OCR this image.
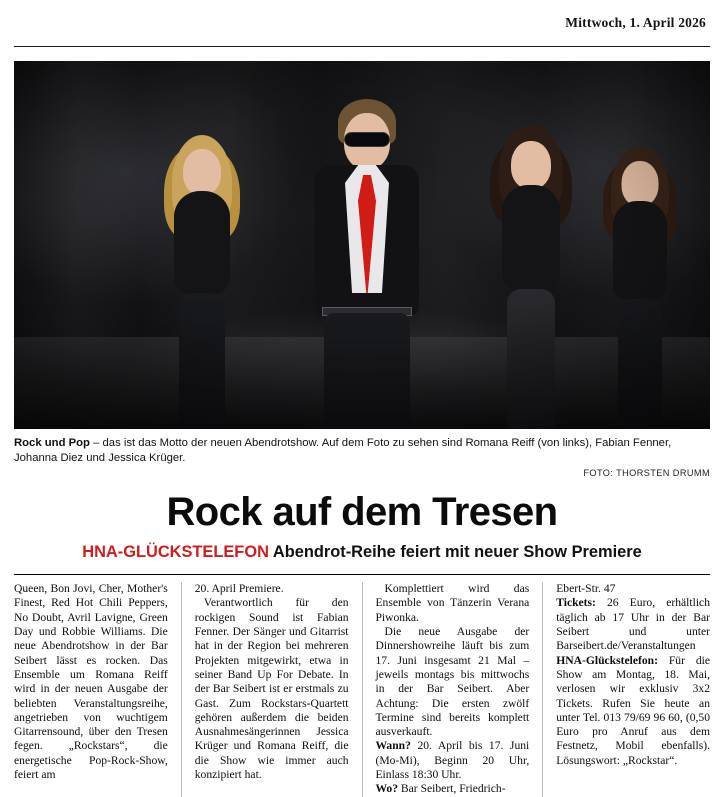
Mittwoch, 1. April 2026
Rock und Pop – das ist das Motto der neuen Abendrotshow. Auf dem Foto zu sehen sind Romana Reiff (von links), Fabian Fenner, Johanna Diez und Jessica Krüger.
FOTO: THORSTEN DRUMM
Rock auf dem Tresen
HNA-GLÜCKSTELEFON Abendrot-Reihe feiert mit neuer Show Premiere

Queen, Bon Jovi, Cher, Mother's Finest, Red Hot Chili Peppers, No Doubt, Avril Lavigne, Green Day und Robbie Williams. Die neue Abendrotshow in der Bar Seibert lässt es rocken. Das Ensemble um Romana Reiff wird in der neuen Ausgabe der beliebten Veranstaltungsreihe, angetrieben von wuchtigem Gitarrensound, über den Tresen fegen. „Rockstars“, die energetische Pop-Rock-Show, feiert am

20. April Premiere.

Verantwortlich für den rockigen Sound ist Fabian Fenner. Der Sänger und Gitarrist hat in der Region bei mehreren Projekten mitgewirkt, etwa in seiner Band Up For Debate. In der Bar Seibert ist er erstmals zu Gast. Zum Rockstars-Quartett gehören außerdem die beiden Ausnahmesängerinnen Jessica Krüger und Romana Reiff, die die Show wie immer auch konzipiert hat.

Komplettiert wird das Ensemble von Tänzerin Verana Piwonka.

Die neue Ausgabe der Dinnershowreihe läuft bis zum 17. Juni insgesamt 21 Mal – jeweils montags bis mittwochs in der Bar Seibert. Aber Achtung: Die ersten zwölf Termine sind bereits komplett ausverkauft.

Wann? 20. April bis 17. Juni (Mo-Mi), Beginn 20 Uhr, Einlass 18:30 Uhr.

Wo? Bar Seibert, Friedrich-

Ebert-Str. 47

Tickets: 26 Euro, erhältlich täglich ab 17 Uhr in der Bar Seibert und unter Barseibert.de/Veranstaltungen

HNA-Glückstelefon: Für die Show am Montag, 18. Mai, verlosen wir exklusiv 3x2 Tickets. Rufen Sie heute an unter Tel. 013 79/69 96 60, (0,50 Euro pro Anruf aus dem Festnetz, Mobil ebenfalls). Lösungswort: „Rockstar“.
